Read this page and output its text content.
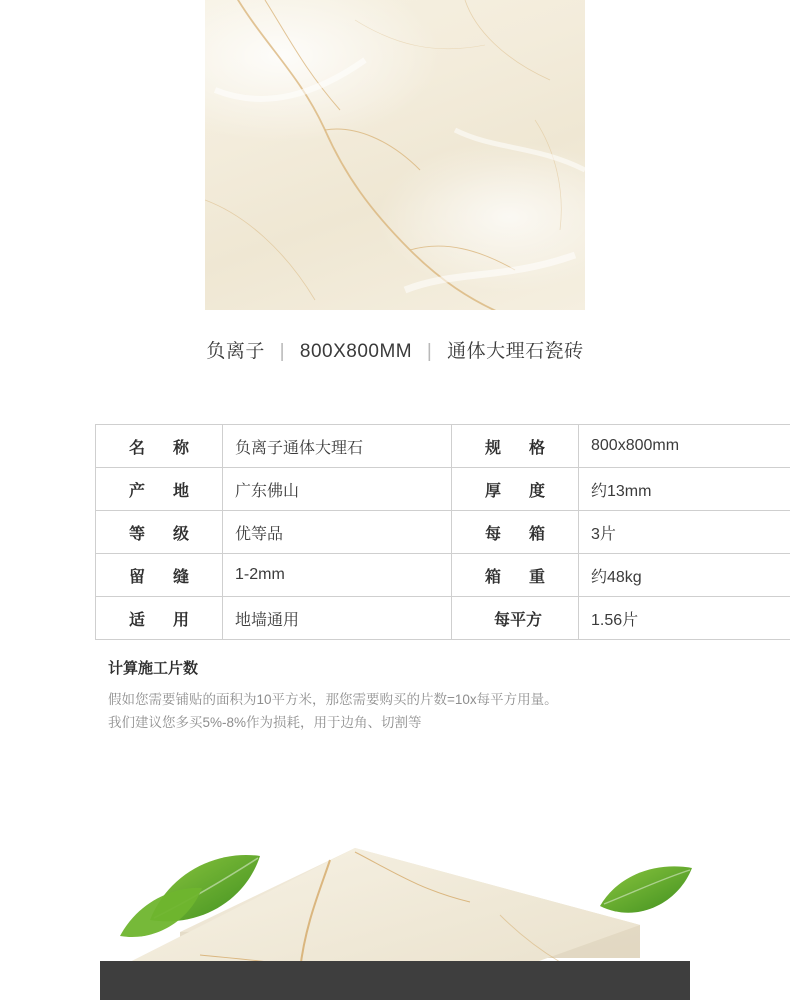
负离子 | 800X800MM | 通体大理石瓷砖
名　称	负离子通体大理石	规　格	800x800mm
产　地	广东佛山	厚　度	约13mm
等　级	优等品	每　箱	3片
留　缝	1-2mm	箱　重	约48kg
适　用	地墙通用	每平方	1.56片
计算施工片数
假如您需要铺贴的面积为10平方米，那您需要购买的片数=10x每平方用量。
我们建议您多买5%-8%作为损耗，用于边角、切割等
